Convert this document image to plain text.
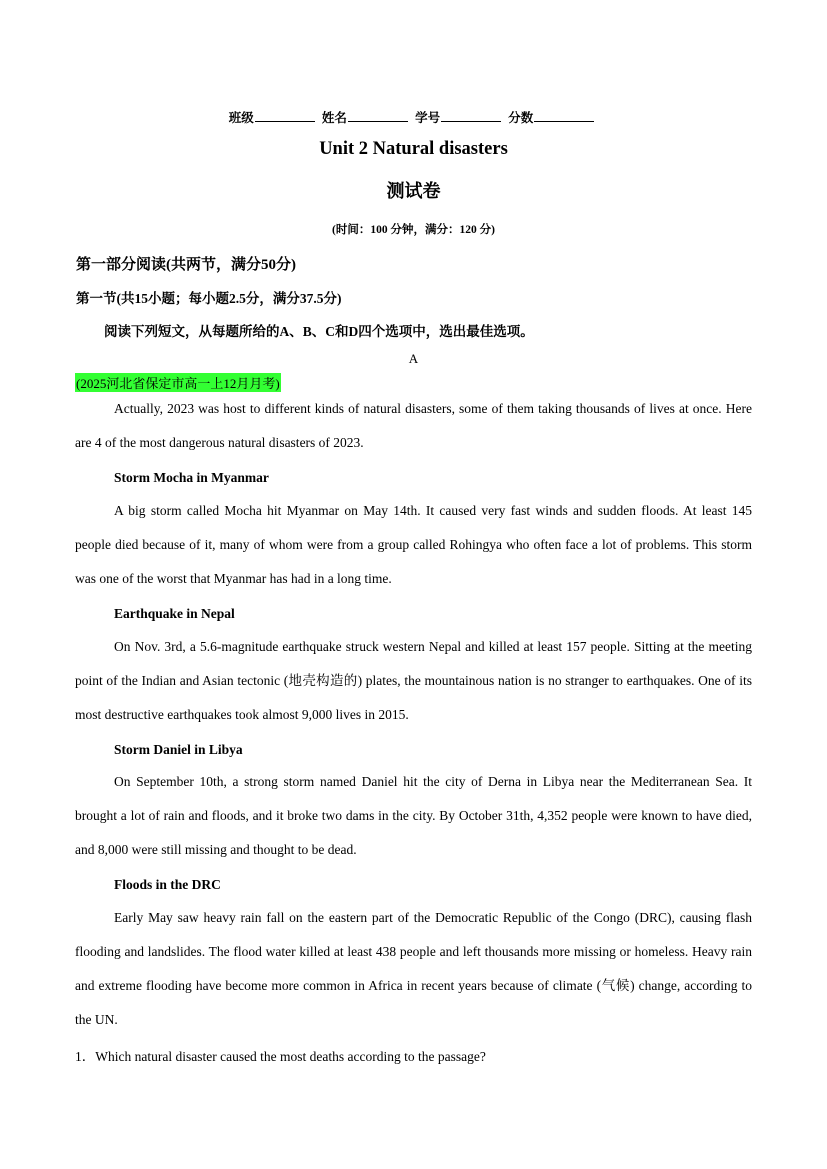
班级	姓名	学号	分数
Unit 2 Natural disasters
测试卷
(时间：100 分钟，满分：120 分)
第一部分阅读(共两节，满分50分)
第一节(共15小题；每小题2.5分，满分37.5分)
阅读下列短文，从每题所给的A、B、C和D四个选项中，选出最佳选项。
A
(2025河北省保定市高一上12月月考)

Actually, 2023 was host to different kinds of natural disasters, some of them taking thousands of lives at once. Here are 4 of the most dangerous natural disasters of 2023.

Storm Mocha in Myanmar

A big storm called Mocha hit Myanmar on May 14th. It caused very fast winds and sudden floods. At least 145 people died because of it, many of whom were from a group called Rohingya who often face a lot of problems. This storm was one of the worst that Myanmar has had in a long time.

Earthquake in Nepal

On Nov. 3rd, a 5.6-magnitude earthquake struck western Nepal and killed at least 157 people. Sitting at the meeting point of the Indian and Asian tectonic (地壳构造的) plates, the mountainous nation is no stranger to earthquakes. One of its most destructive earthquakes took almost 9,000 lives in 2015.

Storm Daniel in Libya

On September 10th, a strong storm named Daniel hit the city of Derna in Libya near the Mediterranean Sea. It brought a lot of rain and floods, and it broke two dams in the city. By October 31th, 4,352 people were known to have died, and 8,000 were still missing and thought to be dead.

Floods in the DRC

Early May saw heavy rain fall on the eastern part of the Democratic Republic of the Congo (DRC), causing flash flooding and landslides. The flood water killed at least 438 people and left thousands more missing or homeless. Heavy rain and extreme flooding have become more common in Africa in recent years because of climate (气候) change, according to the UN.

1．Which natural disaster caused the most deaths according to the passage?
